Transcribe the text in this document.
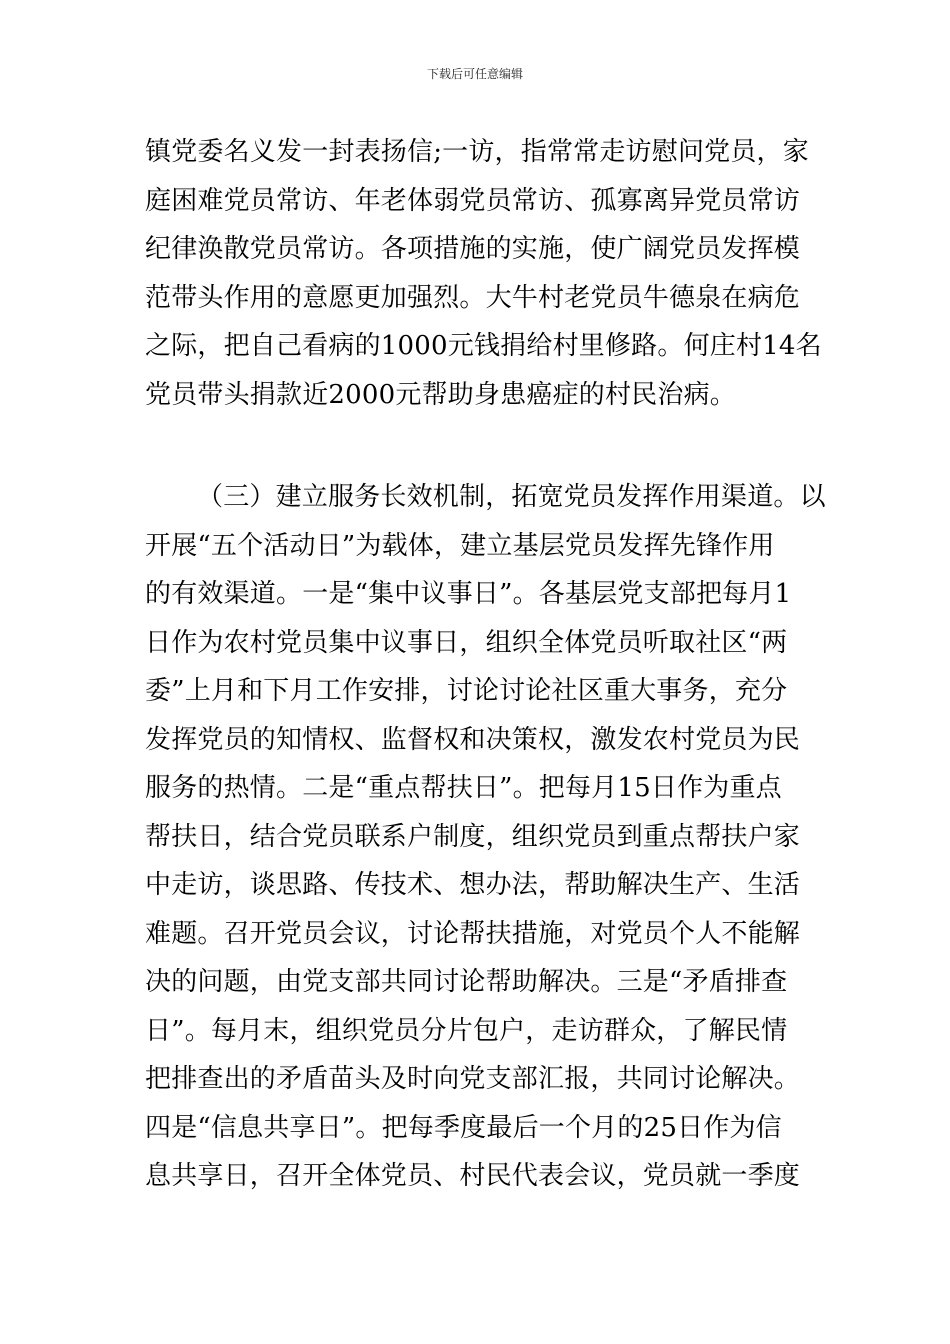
下载后可任意编辑
镇党委名义发一封表扬信;一访，指常常走访慰问党员，家
庭困难党员常访、年老体弱党员常访、孤寡离异党员常访
纪律涣散党员常访。各项措施的实施，使广阔党员发挥模
范带头作用的意愿更加强烈。大牛村老党员牛德泉在病危
之际，把自己看病的1000元钱捐给村里修路。何庄村14名
党员带头捐款近2000元帮助身患癌症的村民治病。
（三）建立服务长效机制，拓宽党员发挥作用渠道。以
开展“五个活动日”为载体，建立基层党员发挥先锋作用
的有效渠道。一是“集中议事日”。各基层党支部把每月1
日作为农村党员集中议事日，组织全体党员听取社区“两
委”上月和下月工作安排，讨论讨论社区重大事务，充分
发挥党员的知情权、监督权和决策权，激发农村党员为民
服务的热情。二是“重点帮扶日”。把每月15日作为重点
帮扶日，结合党员联系户制度，组织党员到重点帮扶户家
中走访，谈思路、传技术、想办法，帮助解决生产、生活
难题。召开党员会议，讨论帮扶措施，对党员个人不能解
决的问题，由党支部共同讨论帮助解决。三是“矛盾排查
日”。每月末，组织党员分片包户，走访群众，了解民情
把排查出的矛盾苗头及时向党支部汇报，共同讨论解决。
四是“信息共享日”。把每季度最后一个月的25日作为信
息共享日，召开全体党员、村民代表会议，党员就一季度
